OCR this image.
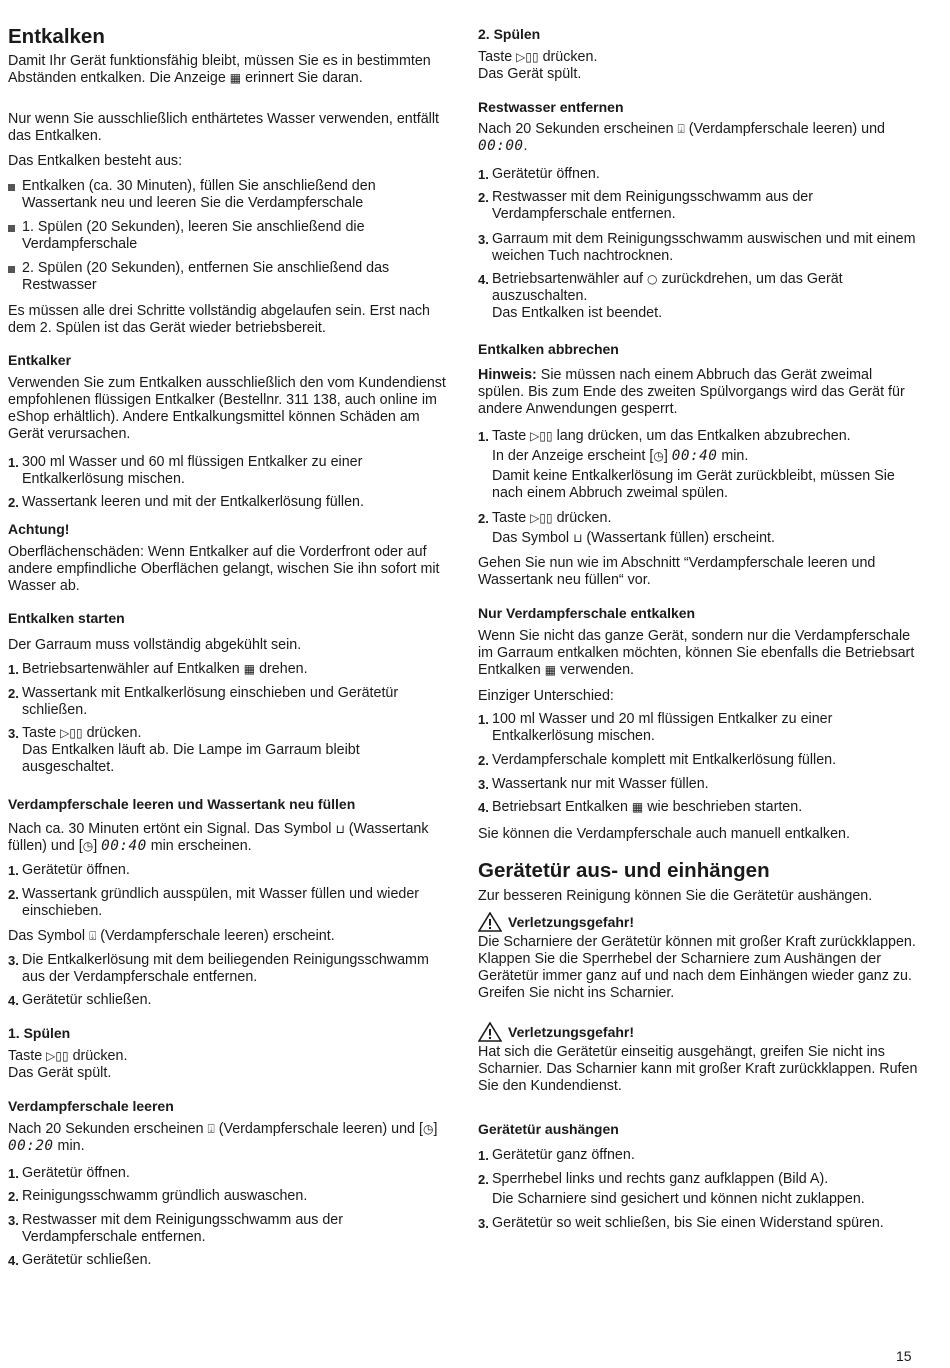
Entkalken

Damit Ihr Gerät funktionsfähig bleibt, müssen Sie es in bestimmten Abständen entkalken. Die Anzeige ▦ erinnert Sie daran.

Nur wenn Sie ausschließlich enthärtetes Wasser verwenden, entfällt das Entkalken.

Das Entkalken besteht aus:

Entkalken (ca. 30 Minuten), füllen Sie anschließend den Wassertank neu und leeren Sie die Verdampferschale

1. Spülen (20 Sekunden), leeren Sie anschließend die Verdampferschale

2. Spülen (20 Sekunden), entfernen Sie anschließend das Restwasser

Es müssen alle drei Schritte vollständig abgelaufen sein. Erst nach dem 2. Spülen ist das Gerät wieder betriebsbereit.

Entkalker

Verwenden Sie zum Entkalken ausschließlich den vom Kundendienst empfohlenen flüssigen Entkalker (Bestellnr. 311 138, auch online im eShop erhältlich). Andere Entkalkungsmittel können Schäden am Gerät verursachen.

1. 300 ml Wasser und 60 ml flüssigen Entkalker zu einer Entkalkerlösung mischen.

2. Wassertank leeren und mit der Entkalkerlösung füllen.

Achtung!

Oberflächenschäden: Wenn Entkalker auf die Vorderfront oder auf andere empfindliche Oberflächen gelangt, wischen Sie ihn sofort mit Wasser ab.

Entkalken starten

Der Garraum muss vollständig abgekühlt sein.

1. Betriebsartenwähler auf Entkalken ▦ drehen.

2. Wassertank mit Entkalkerlösung einschieben und Gerätetür schließen.

3. Taste ▷▯▯ drücken.

Das Entkalken läuft ab. Die Lampe im Garraum bleibt ausgeschaltet.

Verdampferschale leeren und Wassertank neu füllen

Nach ca. 30 Minuten ertönt ein Signal. Das Symbol ⊔ (Wassertank füllen) und [◷] 00:40 min erscheinen.

1. Gerätetür öffnen.

2. Wassertank gründlich ausspülen, mit Wasser füllen und wieder einschieben.

Das Symbol ⍗ (Verdampferschale leeren) erscheint.

3. Die Entkalkerlösung mit dem beiliegenden Reinigungsschwamm aus der Verdampferschale entfernen.

4. Gerätetür schließen.

1. Spülen

Taste ▷▯▯ drücken.

Das Gerät spült.

Verdampferschale leeren

Nach 20 Sekunden erscheinen ⍗ (Verdampferschale leeren) und [◷] 00:20 min.

1. Gerätetür öffnen.

2. Reinigungsschwamm gründlich auswaschen.

3. Restwasser mit dem Reinigungsschwamm aus der Verdampferschale entfernen.

4. Gerätetür schließen.

2. Spülen

Taste ▷▯▯ drücken.

Das Gerät spült.

Restwasser entfernen

Nach 20 Sekunden erscheinen ⍗ (Verdampferschale leeren) und 00:00.

1. Gerätetür öffnen.

2. Restwasser mit dem Reinigungsschwamm aus der Verdampferschale entfernen.

3. Garraum mit dem Reinigungsschwamm auswischen und mit einem weichen Tuch nachtrocknen.

4. Betriebsartenwähler auf ○ zurückdrehen, um das Gerät auszuschalten.

Das Entkalken ist beendet.

Entkalken abbrechen

Hinweis: Sie müssen nach einem Abbruch das Gerät zweimal spülen. Bis zum Ende des zweiten Spülvorgangs wird das Gerät für andere Anwendungen gesperrt.

1. Taste ▷▯▯ lang drücken, um das Entkalken abzubrechen.

In der Anzeige erscheint [◷] 00:40 min.

Damit keine Entkalkerlösung im Gerät zurückbleibt, müssen Sie nach einem Abbruch zweimal spülen.

2. Taste ▷▯▯ drücken.

Das Symbol ⊔ (Wassertank füllen) erscheint.

Gehen Sie nun wie im Abschnitt “Verdampferschale leeren und Wassertank neu füllen“ vor.

Nur Verdampferschale entkalken

Wenn Sie nicht das ganze Gerät, sondern nur die Verdampferschale im Garraum entkalken möchten, können Sie ebenfalls die Betriebsart Entkalken ▦ verwenden.

Einziger Unterschied:

1. 100 ml Wasser und 20 ml flüssigen Entkalker zu einer Entkalkerlösung mischen.

2. Verdampferschale komplett mit Entkalkerlösung füllen.

3. Wassertank nur mit Wasser füllen.

4. Betriebsart Entkalken ▦ wie beschrieben starten.

Sie können die Verdampferschale auch manuell entkalken.

Gerätetür aus- und einhängen

Zur besseren Reinigung können Sie die Gerätetür aushängen.

Verletzungsgefahr!

Die Scharniere der Gerätetür können mit großer Kraft zurückklappen. Klappen Sie die Sperrhebel der Scharniere zum Aushängen der Gerätetür immer ganz auf und nach dem Einhängen wieder ganz zu. Greifen Sie nicht ins Scharnier.

Verletzungsgefahr!

Hat sich die Gerätetür einseitig ausgehängt, greifen Sie nicht ins Scharnier. Das Scharnier kann mit großer Kraft zurückklappen. Rufen Sie den Kundendienst.

Gerätetür aushängen

1. Gerätetür ganz öffnen.

2. Sperrhebel links und rechts ganz aufklappen (Bild A).

Die Scharniere sind gesichert und können nicht zuklappen.

3. Gerätetür so weit schließen, bis Sie einen Widerstand spüren.

15
